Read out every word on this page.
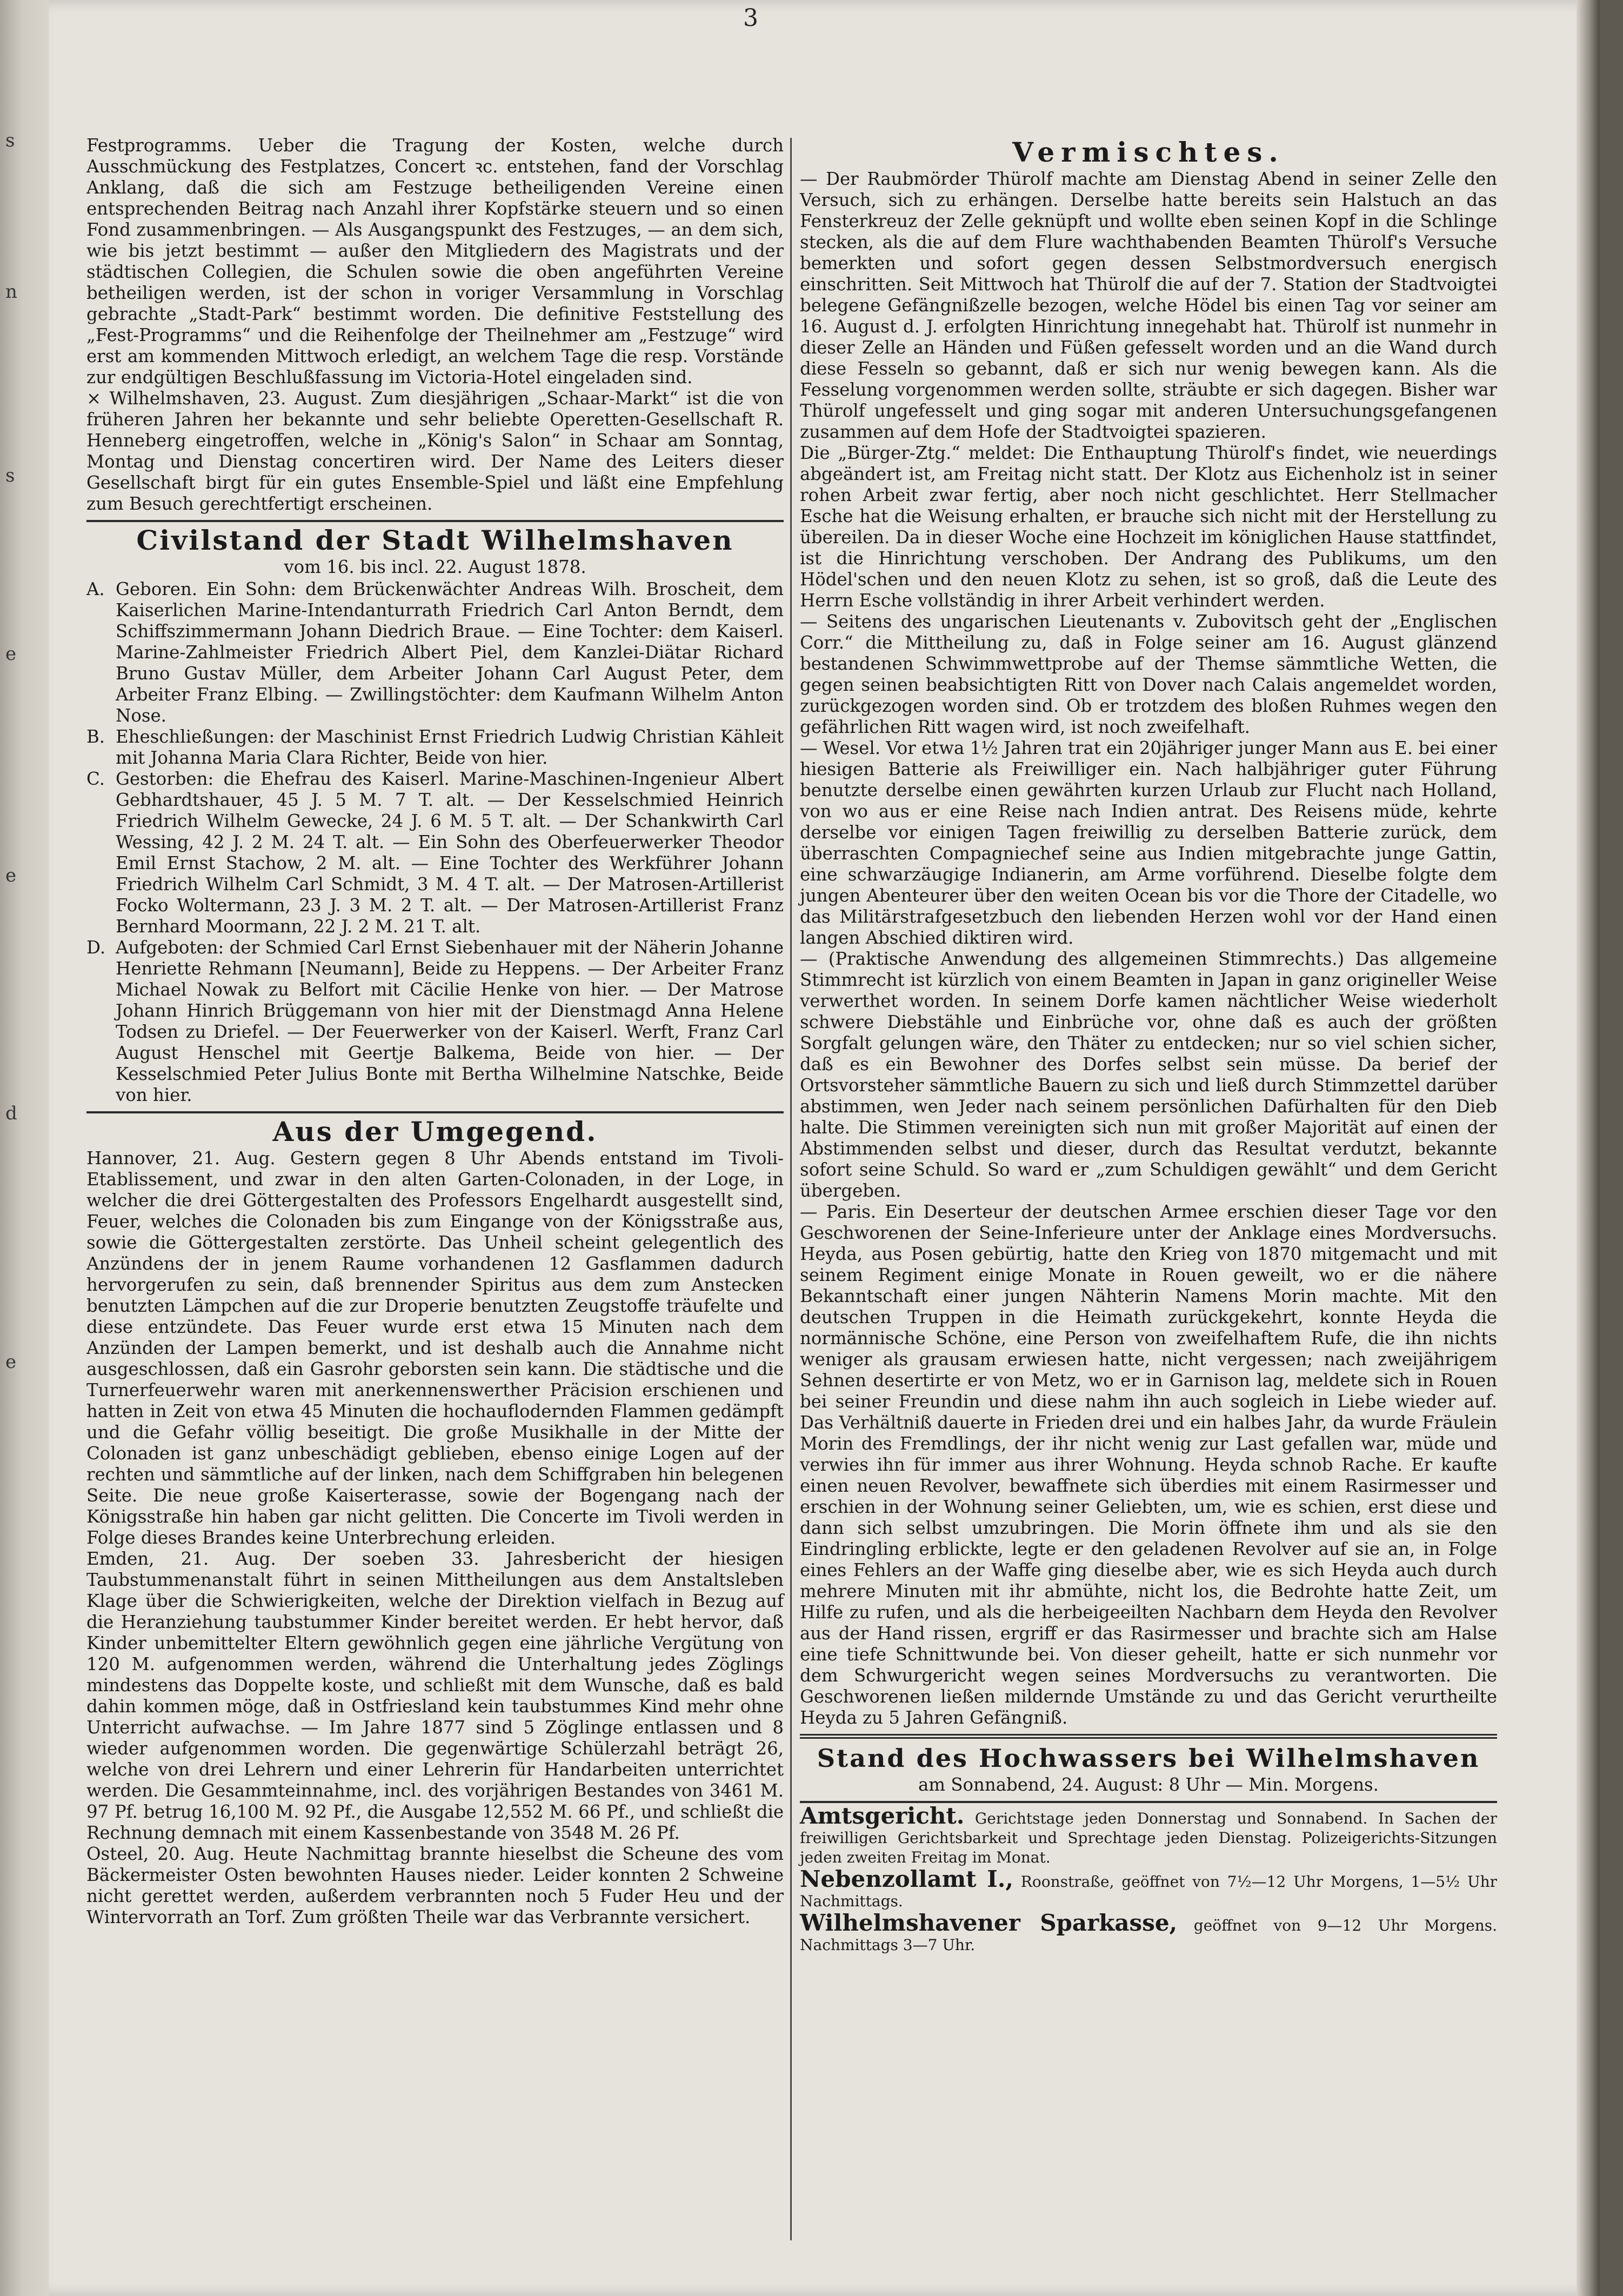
s
n
s
e
e
d
e
3

Festprogramms. Ueber die Tragung der Kosten, welche durch Ausschmückung des Festplatzes, Concert ꝛc. entstehen, fand der Vorschlag Anklang, daß die sich am Festzuge betheiligenden Vereine einen entsprechenden Beitrag nach Anzahl ihrer Kopfstärke steuern und so einen Fond zusammenbringen. — Als Ausgangspunkt des Festzuges, — an dem sich, wie bis jetzt bestimmt — außer den Mitgliedern des Magistrats und der städtischen Collegien, die Schulen sowie die oben angeführten Vereine betheiligen werden, ist der schon in voriger Versammlung in Vorschlag gebrachte „Stadt-Park“ bestimmt worden. Die definitive Feststellung des „Fest-Programms“ und die Reihenfolge der Theilnehmer am „Festzuge“ wird erst am kommenden Mittwoch erledigt, an welchem Tage die resp. Vorstände zur endgültigen Beschlußfassung im Victoria-Hotel eingeladen sind.

× Wilhelmshaven, 23. August. Zum diesjährigen „Schaar-Markt“ ist die von früheren Jahren her bekannte und sehr beliebte Operetten-Gesellschaft R. Henneberg eingetroffen, welche in „König's Salon“ in Schaar am Sonntag, Montag und Dienstag concertiren wird. Der Name des Leiters dieser Gesellschaft birgt für ein gutes Ensemble-Spiel und läßt eine Empfehlung zum Besuch gerechtfertigt erscheinen.

Civilstand der Stadt Wilhelmshaven
vom 16. bis incl. 22. August 1878.
A. Geboren. Ein Sohn: dem Brückenwächter Andreas Wilh. Broscheit, dem Kaiserlichen Marine-Intendanturrath Friedrich Carl Anton Berndt, dem Schiffszimmermann Johann Diedrich Braue. — Eine Tochter: dem Kaiserl. Marine-Zahlmeister Friedrich Albert Piel, dem Kanzlei-Diätar Richard Bruno Gustav Müller, dem Arbeiter Johann Carl August Peter, dem Arbeiter Franz Elbing. — Zwillingstöchter: dem Kaufmann Wilhelm Anton Nose.
B. Eheschließungen: der Maschinist Ernst Friedrich Ludwig Christian Kähleit mit Johanna Maria Clara Richter, Beide von hier.
C. Gestorben: die Ehefrau des Kaiserl. Marine-Maschinen-Ingenieur Albert Gebhardtshauer, 45 J. 5 M. 7 T. alt. — Der Kesselschmied Heinrich Friedrich Wilhelm Gewecke, 24 J. 6 M. 5 T. alt. — Der Schankwirth Carl Wessing, 42 J. 2 M. 24 T. alt. — Ein Sohn des Oberfeuerwerker Theodor Emil Ernst Stachow, 2 M. alt. — Eine Tochter des Werkführer Johann Friedrich Wilhelm Carl Schmidt, 3 M. 4 T. alt. — Der Matrosen-Artillerist Focko Woltermann, 23 J. 3 M. 2 T. alt. — Der Matrosen-Artillerist Franz Bernhard Moormann, 22 J. 2 M. 21 T. alt.
D. Aufgeboten: der Schmied Carl Ernst Siebenhauer mit der Näherin Johanne Henriette Rehmann [Neumann], Beide zu Heppens. — Der Arbeiter Franz Michael Nowak zu Belfort mit Cäcilie Henke von hier. — Der Matrose Johann Hinrich Brüggemann von hier mit der Dienstmagd Anna Helene Todsen zu Driefel. — Der Feuerwerker von der Kaiserl. Werft, Franz Carl August Henschel mit Geertje Balkema, Beide von hier. — Der Kesselschmied Peter Julius Bonte mit Bertha Wilhelmine Natschke, Beide von hier.
Aus der Umgegend.

Hannover, 21. Aug. Gestern gegen 8 Uhr Abends entstand im Tivoli-Etablissement, und zwar in den alten Garten-Colonaden, in der Loge, in welcher die drei Göttergestalten des Professors Engelhardt ausgestellt sind, Feuer, welches die Colonaden bis zum Eingange von der Königsstraße aus, sowie die Göttergestalten zerstörte. Das Unheil scheint gelegentlich des Anzündens der in jenem Raume vorhandenen 12 Gasflammen dadurch hervorgerufen zu sein, daß brennender Spiritus aus dem zum Anstecken benutzten Lämpchen auf die zur Droperie benutzten Zeugstoffe träufelte und diese entzündete. Das Feuer wurde erst etwa 15 Minuten nach dem Anzünden der Lampen bemerkt, und ist deshalb auch die Annahme nicht ausgeschlossen, daß ein Gasrohr geborsten sein kann. Die städtische und die Turnerfeuerwehr waren mit anerkennenswerther Präcision erschienen und hatten in Zeit von etwa 45 Minuten die hochauflodernden Flammen gedämpft und die Gefahr völlig beseitigt. Die große Musikhalle in der Mitte der Colonaden ist ganz unbeschädigt geblieben, ebenso einige Logen auf der rechten und sämmtliche auf der linken, nach dem Schiffgraben hin belegenen Seite. Die neue große Kaiserterasse, sowie der Bogengang nach der Königsstraße hin haben gar nicht gelitten. Die Concerte im Tivoli werden in Folge dieses Brandes keine Unterbrechung erleiden.

Emden, 21. Aug. Der soeben 33. Jahresbericht der hiesigen Taubstummenanstalt führt in seinen Mittheilungen aus dem Anstaltsleben Klage über die Schwierigkeiten, welche der Direktion vielfach in Bezug auf die Heranziehung taubstummer Kinder bereitet werden. Er hebt hervor, daß Kinder unbemittelter Eltern gewöhnlich gegen eine jährliche Vergütung von 120 M. aufgenommen werden, während die Unterhaltung jedes Zöglings mindestens das Doppelte koste, und schließt mit dem Wunsche, daß es bald dahin kommen möge, daß in Ostfriesland kein taubstummes Kind mehr ohne Unterricht aufwachse. — Im Jahre 1877 sind 5 Zöglinge entlassen und 8 wieder aufgenommen worden. Die gegenwärtige Schülerzahl beträgt 26, welche von drei Lehrern und einer Lehrerin für Handarbeiten unterrichtet werden. Die Gesammteinnahme, incl. des vorjährigen Bestandes von 3461 M. 97 Pf. betrug 16,100 M. 92 Pf., die Ausgabe 12,552 M. 66 Pf., und schließt die Rechnung demnach mit einem Kassenbestande von 3548 M. 26 Pf.

Osteel, 20. Aug. Heute Nachmittag brannte hieselbst die Scheune des vom Bäckermeister Osten bewohnten Hauses nieder. Leider konnten 2 Schweine nicht gerettet werden, außerdem verbrannten noch 5 Fuder Heu und der Wintervorrath an Torf. Zum größten Theile war das Verbrannte versichert.

Vermischtes.

— Der Raubmörder Thürolf machte am Dienstag Abend in seiner Zelle den Versuch, sich zu erhängen. Derselbe hatte bereits sein Halstuch an das Fensterkreuz der Zelle geknüpft und wollte eben seinen Kopf in die Schlinge stecken, als die auf dem Flure wachthabenden Beamten Thürolf's Versuche bemerkten und sofort gegen dessen Selbstmordversuch energisch einschritten. Seit Mittwoch hat Thürolf die auf der 7. Station der Stadtvoigtei belegene Gefängnißzelle bezogen, welche Hödel bis einen Tag vor seiner am 16. August d. J. erfolgten Hinrichtung innegehabt hat. Thürolf ist nunmehr in dieser Zelle an Händen und Füßen gefesselt worden und an die Wand durch diese Fesseln so gebannt, daß er sich nur wenig bewegen kann. Als die Fesselung vorgenommen werden sollte, sträubte er sich dagegen. Bisher war Thürolf ungefesselt und ging sogar mit anderen Untersuchungsgefangenen zusammen auf dem Hofe der Stadtvoigtei spazieren.

Die „Bürger-Ztg.“ meldet: Die Enthauptung Thürolf's findet, wie neuerdings abgeändert ist, am Freitag nicht statt. Der Klotz aus Eichenholz ist in seiner rohen Arbeit zwar fertig, aber noch nicht geschlichtet. Herr Stellmacher Esche hat die Weisung erhalten, er brauche sich nicht mit der Herstellung zu übereilen. Da in dieser Woche eine Hochzeit im königlichen Hause stattfindet, ist die Hinrichtung verschoben. Der Andrang des Publikums, um den Hödel'schen und den neuen Klotz zu sehen, ist so groß, daß die Leute des Herrn Esche vollständig in ihrer Arbeit verhindert werden.

— Seitens des ungarischen Lieutenants v. Zubovitsch geht der „Englischen Corr.“ die Mittheilung zu, daß in Folge seiner am 16. August glänzend bestandenen Schwimmwettprobe auf der Themse sämmtliche Wetten, die gegen seinen beabsichtigten Ritt von Dover nach Calais angemeldet worden, zurückgezogen worden sind. Ob er trotzdem des bloßen Ruhmes wegen den gefährlichen Ritt wagen wird, ist noch zweifelhaft.

— Wesel. Vor etwa 1½ Jahren trat ein 20jähriger junger Mann aus E. bei einer hiesigen Batterie als Freiwilliger ein. Nach halbjähriger guter Führung benutzte derselbe einen gewährten kurzen Urlaub zur Flucht nach Holland, von wo aus er eine Reise nach Indien antrat. Des Reisens müde, kehrte derselbe vor einigen Tagen freiwillig zu derselben Batterie zurück, dem überraschten Compagniechef seine aus Indien mitgebrachte junge Gattin, eine schwarzäugige Indianerin, am Arme vorführend. Dieselbe folgte dem jungen Abenteurer über den weiten Ocean bis vor die Thore der Citadelle, wo das Militärstrafgesetzbuch den liebenden Herzen wohl vor der Hand einen langen Abschied diktiren wird.

— (Praktische Anwendung des allgemeinen Stimmrechts.) Das allgemeine Stimmrecht ist kürzlich von einem Beamten in Japan in ganz origineller Weise verwerthet worden. In seinem Dorfe kamen nächtlicher Weise wiederholt schwere Diebstähle und Einbrüche vor, ohne daß es auch der größten Sorgfalt gelungen wäre, den Thäter zu entdecken; nur so viel schien sicher, daß es ein Bewohner des Dorfes selbst sein müsse. Da berief der Ortsvorsteher sämmtliche Bauern zu sich und ließ durch Stimmzettel darüber abstimmen, wen Jeder nach seinem persönlichen Dafürhalten für den Dieb halte. Die Stimmen vereinigten sich nun mit großer Majorität auf einen der Abstimmenden selbst und dieser, durch das Resultat verdutzt, bekannte sofort seine Schuld. So ward er „zum Schuldigen gewählt“ und dem Gericht übergeben.

— Paris. Ein Deserteur der deutschen Armee erschien dieser Tage vor den Geschworenen der Seine-Inferieure unter der Anklage eines Mordversuchs. Heyda, aus Posen gebürtig, hatte den Krieg von 1870 mitgemacht und mit seinem Regiment einige Monate in Rouen geweilt, wo er die nähere Bekanntschaft einer jungen Nähterin Namens Morin machte. Mit den deutschen Truppen in die Heimath zurückgekehrt, konnte Heyda die normännische Schöne, eine Person von zweifelhaftem Rufe, die ihn nichts weniger als grausam erwiesen hatte, nicht vergessen; nach zweijährigem Sehnen desertirte er von Metz, wo er in Garnison lag, meldete sich in Rouen bei seiner Freundin und diese nahm ihn auch sogleich in Liebe wieder auf. Das Verhältniß dauerte in Frieden drei und ein halbes Jahr, da wurde Fräulein Morin des Fremdlings, der ihr nicht wenig zur Last gefallen war, müde und verwies ihn für immer aus ihrer Wohnung. Heyda schnob Rache. Er kaufte einen neuen Revolver, bewaffnete sich überdies mit einem Rasirmesser und erschien in der Wohnung seiner Geliebten, um, wie es schien, erst diese und dann sich selbst umzubringen. Die Morin öffnete ihm und als sie den Eindringling erblickte, legte er den geladenen Revolver auf sie an, in Folge eines Fehlers an der Waffe ging dieselbe aber, wie es sich Heyda auch durch mehrere Minuten mit ihr abmühte, nicht los, die Bedrohte hatte Zeit, um Hilfe zu rufen, und als die herbeigeeilten Nachbarn dem Heyda den Revolver aus der Hand rissen, ergriff er das Rasirmesser und brachte sich am Halse eine tiefe Schnittwunde bei. Von dieser geheilt, hatte er sich nunmehr vor dem Schwurgericht wegen seines Mordversuchs zu verantworten. Die Geschworenen ließen mildernde Umstände zu und das Gericht verurtheilte Heyda zu 5 Jahren Gefängniß.

Stand des Hochwassers bei Wilhelmshaven
am Sonnabend, 24. August: 8 Uhr — Min. Morgens.
Amtsgericht. Gerichtstage jeden Donnerstag und Sonnabend. In Sachen der freiwilligen Gerichtsbarkeit und Sprechtage jeden Dienstag. Polizeigerichts-Sitzungen jeden zweiten Freitag im Monat.
Nebenzollamt I., Roonstraße, geöffnet von 7½—12 Uhr Morgens, 1—5½ Uhr Nachmittags.
Wilhelmshavener Sparkasse, geöffnet von 9—12 Uhr Morgens. Nachmittags 3—7 Uhr.
